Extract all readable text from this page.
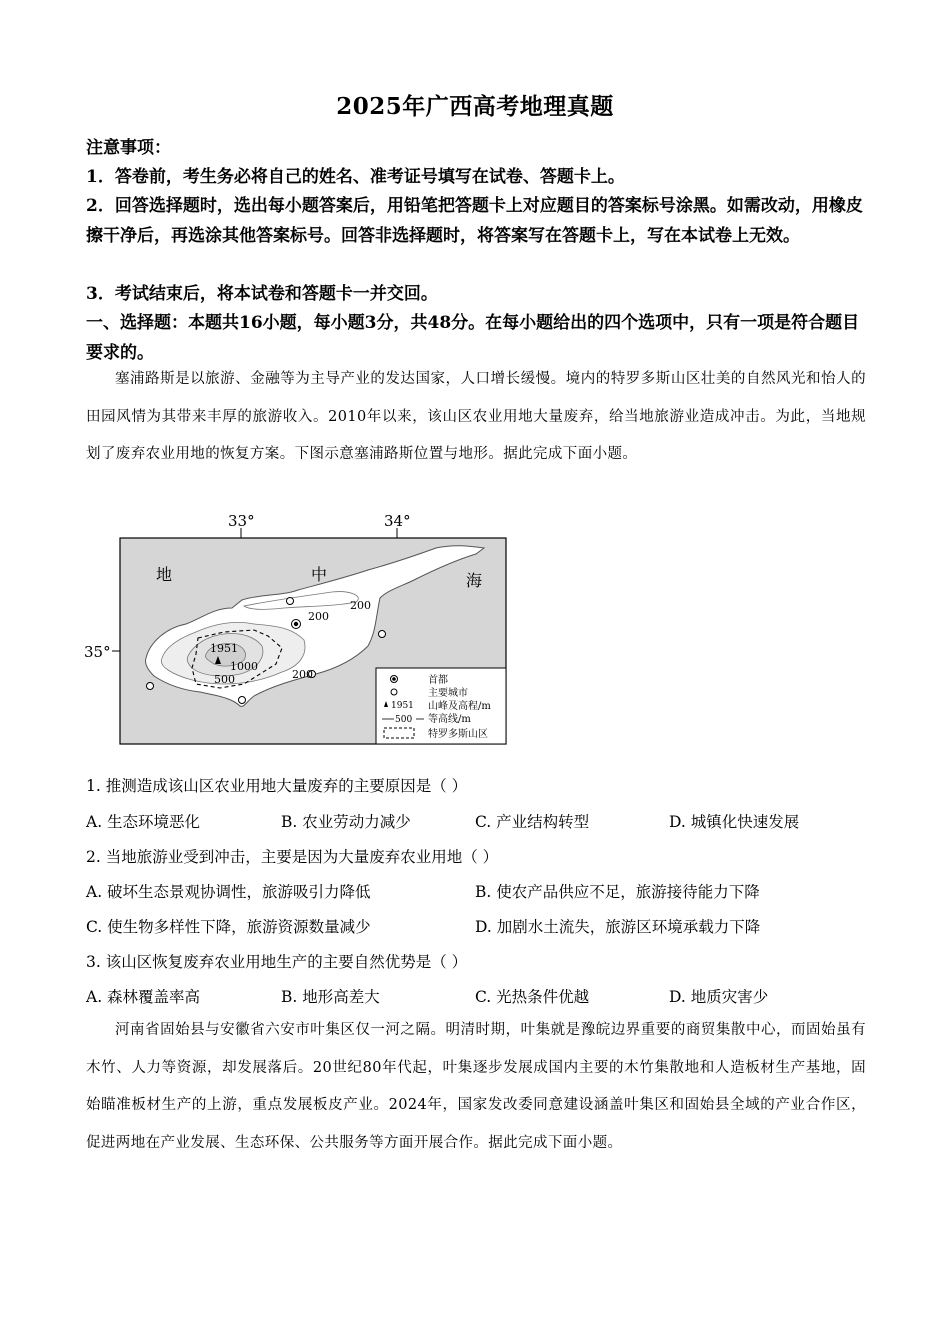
2025年广西高考地理真题
注意事项：
1．答卷前，考生务必将自己的姓名、准考证号填写在试卷、答题卡上。
2．回答选择题时，选出每小题答案后，用铅笔把答题卡上对应题目的答案标号涂黑。如需改动，用橡皮擦干净后，再选涂其他答案标号。回答非选择题时，将答案写在答题卡上，写在本试卷上无效。
3．考试结束后，将本试卷和答题卡一并交回。
一、选择题：本题共16小题，每小题3分，共48分。在每小题给出的四个选项中，只有一项是符合题目要求的。
塞浦路斯是以旅游、金融等为主导产业的发达国家，人口增长缓慢。境内的特罗多斯山区壮美的自然风光和怡人的田园风情为其带来丰厚的旅游收入。2010年以来，该山区农业用地大量废弃，给当地旅游业造成冲击。为此，当地规划了废弃农业用地的恢复方案。下图示意塞浦路斯位置与地形。据此完成下面小题。
33°	34°
35°
地	中	海
200
200
1951
1000
500	200	首都
主要城市
1951 山峰及高程/m
500 等高线/m
特罗多斯山区
1. 推测造成该山区农业用地大量废弃的主要原因是（ ）
A. 生态环境恶化	B. 农业劳动力减少	C. 产业结构转型	D. 城镇化快速发展
2. 当地旅游业受到冲击，主要是因为大量废弃农业用地（ ）
A. 破坏生态景观协调性，旅游吸引力降低	B. 使农产品供应不足，旅游接待能力下降
C. 使生物多样性下降，旅游资源数量减少	D. 加剧水土流失，旅游区环境承载力下降
3. 该山区恢复废弃农业用地生产的主要自然优势是（ ）
A. 森林覆盖率高	B. 地形高差大	C. 光热条件优越	D. 地质灾害少
河南省固始县与安徽省六安市叶集区仅一河之隔。明清时期，叶集就是豫皖边界重要的商贸集散中心，而固始虽有木竹、人力等资源，却发展落后。20世纪80年代起，叶集逐步发展成国内主要的木竹集散地和人造板材生产基地，固始瞄准板材生产的上游，重点发展板皮产业。2024年，国家发改委同意建设涵盖叶集区和固始县全域的产业合作区，促进两地在产业发展、生态环保、公共服务等方面开展合作。据此完成下面小题。
